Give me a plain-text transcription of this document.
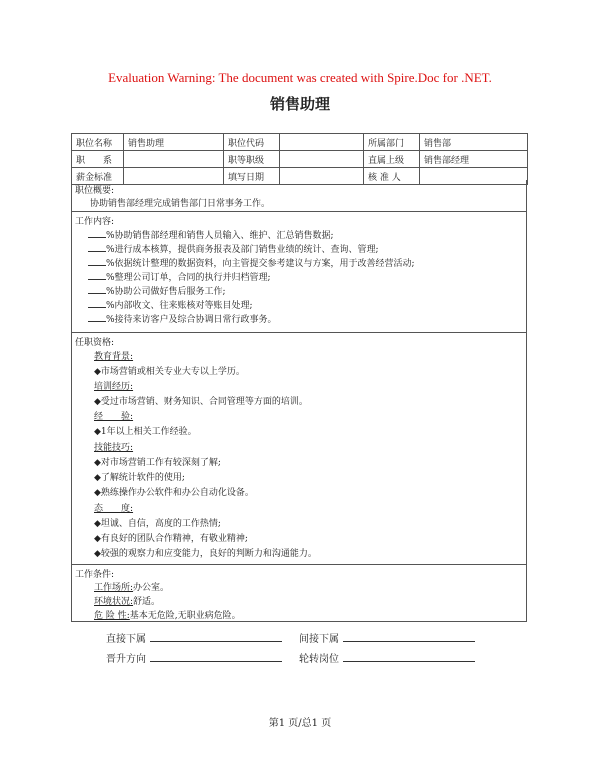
Evaluation Warning: The document was created with Spire.Doc for .NET.
销售助理
职位名称	销售助理	职位代码		所属部门	销售部
职　　系		职等职级		直属上级	销售部经理
薪金标准		填写日期		核 准 人	
职位概要:
协助销售部经理完成销售部门日常事务工作。
工作内容:
%协助销售部经理和销售人员输入、维护、汇总销售数据;
%进行成本核算，提供商务报表及部门销售业绩的统计、查询、管理;
%依据统计整理的数据资料，向主管提交参考建议与方案，用于改善经营活动;
%整理公司订单，合同的执行并归档管理;
%协助公司做好售后服务工作;
%内部收文、往来账核对等账目处理;
%接待来访客户及综合协调日常行政事务。
任职资格:
教育背景:
◆市场营销或相关专业大专以上学历。
培训经历:
◆受过市场营销、财务知识、合同管理等方面的培训。
经　　验:
◆1年以上相关工作经验。
技能技巧:
◆对市场营销工作有较深刻了解;
◆了解统计软件的使用;
◆熟练操作办公软件和办公自动化设备。
态　　度:
◆坦诚、自信，高度的工作热情;
◆有良好的团队合作精神，有敬业精神;
◆较强的观察力和应变能力，良好的判断力和沟通能力。
工作条件:
工作场所:办公室。
环境状况:舒适。
危 险 性:基本无危险,无职业病危险。
直接下属	间接下属
晋升方向	轮转岗位
第1 页/总1 页
